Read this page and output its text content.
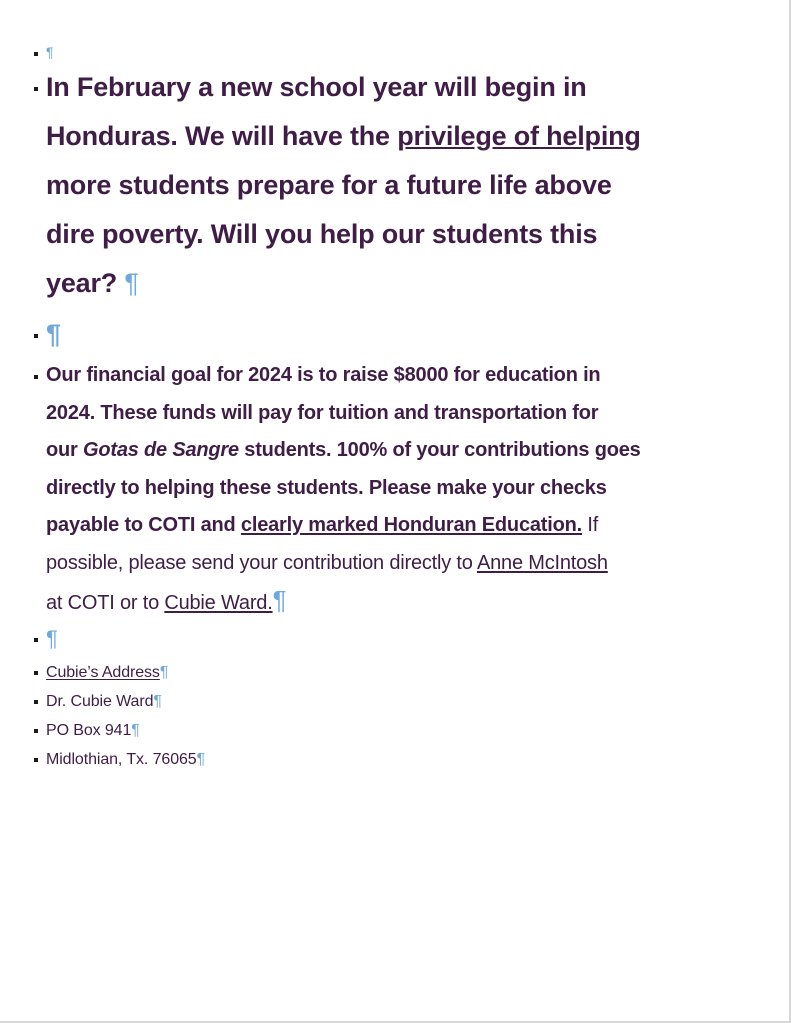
¶

In February a new school year will begin in
Honduras. We will have the privilege of helping
more students prepare for a future life above
dire poverty. Will you help our students this
year? ¶

¶

Our financial goal for 2024 is to raise $8000 for education in
2024. These funds will pay for tuition and transportation for
our Gotas de Sangre students. 100% of your contributions goes
directly to helping these students. Please make your checks
payable to COTI and clearly marked Honduran Education. If
possible, please send your contribution directly to Anne McIntosh
at COTI or to Cubie Ward.¶

¶

Cubie’s Address¶
Dr. Cubie Ward¶
PO Box 941¶
Midlothian, Tx. 76065¶
